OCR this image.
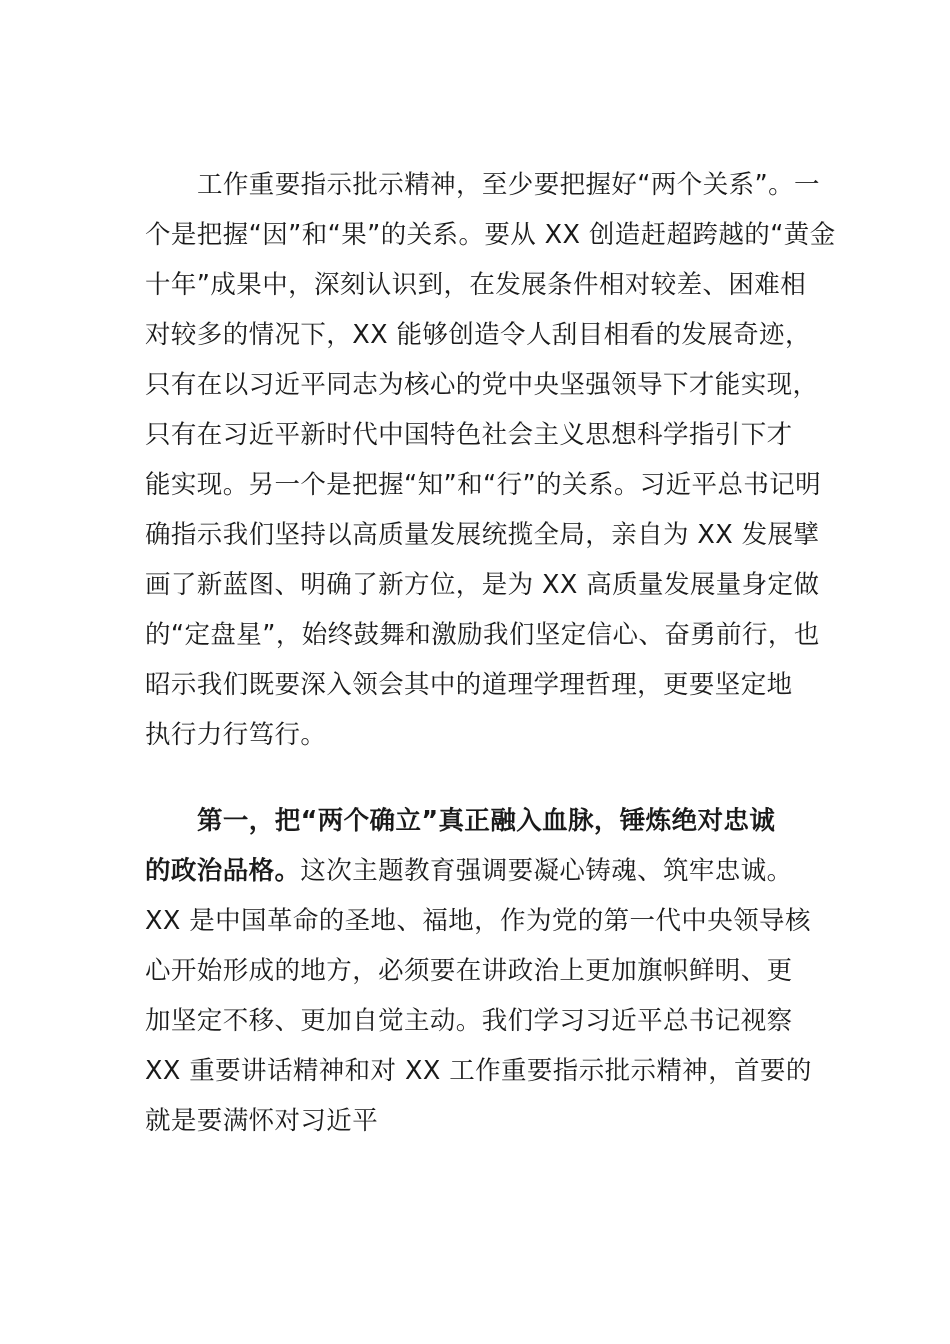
工作重要指示批示精神，至少要把握好“两个关系”。一
个是把握“因”和“果”的关系。要从 XX 创造赶超跨越的“黄金
十年”成果中，深刻认识到，在发展条件相对较差、困难相
对较多的情况下，XX 能够创造令人刮目相看的发展奇迹，
只有在以习近平同志为核心的党中央坚强领导下才能实现，
只有在习近平新时代中国特色社会主义思想科学指引下才
能实现。另一个是把握“知”和“行”的关系。习近平总书记明
确指示我们坚持以高质量发展统揽全局，亲自为 XX 发展擘
画了新蓝图、明确了新方位，是为 XX 高质量发展量身定做
的“定盘星”，始终鼓舞和激励我们坚定信心、奋勇前行，也
昭示我们既要深入领会其中的道理学理哲理，更要坚定地
执行力行笃行。
第一，把“两个确立”真正融入血脉，锤炼绝对忠诚
的政治品格。这次主题教育强调要凝心铸魂、筑牢忠诚。
XX 是中国革命的圣地、福地，作为党的第一代中央领导核
心开始形成的地方，必须要在讲政治上更加旗帜鲜明、更
加坚定不移、更加自觉主动。我们学习习近平总书记视察
XX 重要讲话精神和对 XX 工作重要指示批示精神，首要的
就是要满怀对习近平
